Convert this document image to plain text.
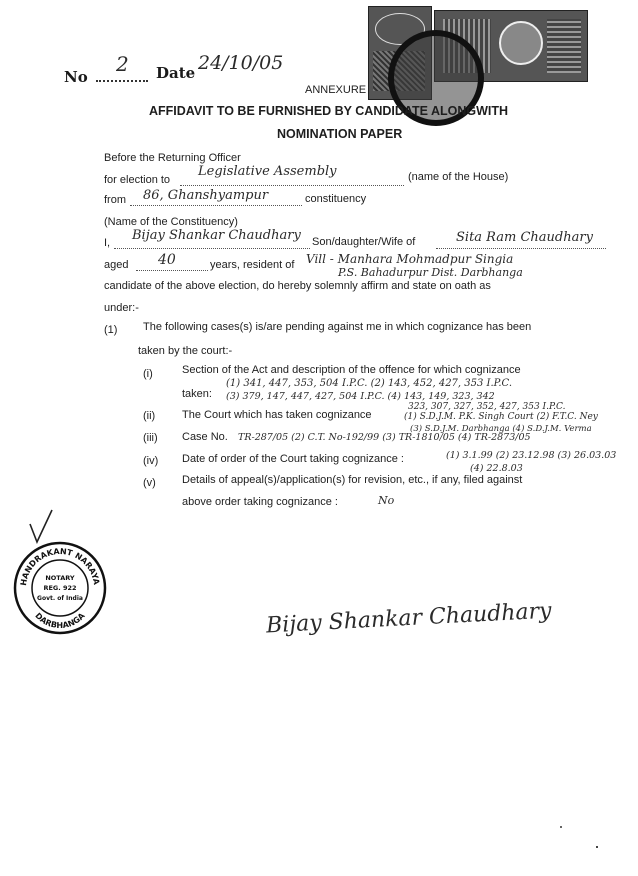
No
2 Date 24/10/05
ANNEXURE
AFFIDAVIT TO BE FURNISHED BY CANDIDATE ALONGWITH
NOMINATION PAPER
Before the Returning Officer
for election to
Legislative Assembly	(name of the House)
from 86, Ghanshyampur	constituency
(Name of the Constituency)
I, Bijay Shankar Chaudhary Son/daughter/Wife of	Sita Ram Chaudhary
aged 40	years, resident of Vill - Manhara Mohmadpur Singia
P.S. Bahadurpur Dist. Darbhanga
candidate of the above election, do hereby solemnly affirm and state on oath as
under:-
(1) The following cases(s) is/are pending against me in which cognizance has been
taken by the court:-
(i)	Section of the Act and description of the offence for which cognizance
taken:
(1) 341, 447, 353, 504 I.P.C. (2) 143, 452, 427, 353 I.P.C.
(3) 379, 147, 447, 427, 504 I.P.C. (4) 143, 149, 323, 342
323, 307, 327, 352, 427, 353 I.P.C.
(ii) The Court which has taken cognizance	(1) S.D.J.M. P.K. Singh Court (2) F.T.C. Ney
(3) S.D.J.M. Darbhanga (4) S.D.J.M. Verma
(iii) Case No. TR-287/05 (2) C.T. No-192/99 (3) TR-1810/05 (4) TR-2873/05
(iv) Date of order of the Court taking cognizance :	(1) 3.1.99 (2) 23.12.98 (3) 26.03.03
(4) 22.8.03
(v) Details of appeal(s)/application(s) for revision, etc., if any, filed against
above order taking cognizance :	No
HANDRAKANT NARAYA
DARBHANGA
NOTARY
REG. 922
Govt. of India
Bijay Shankar Chaudhary
